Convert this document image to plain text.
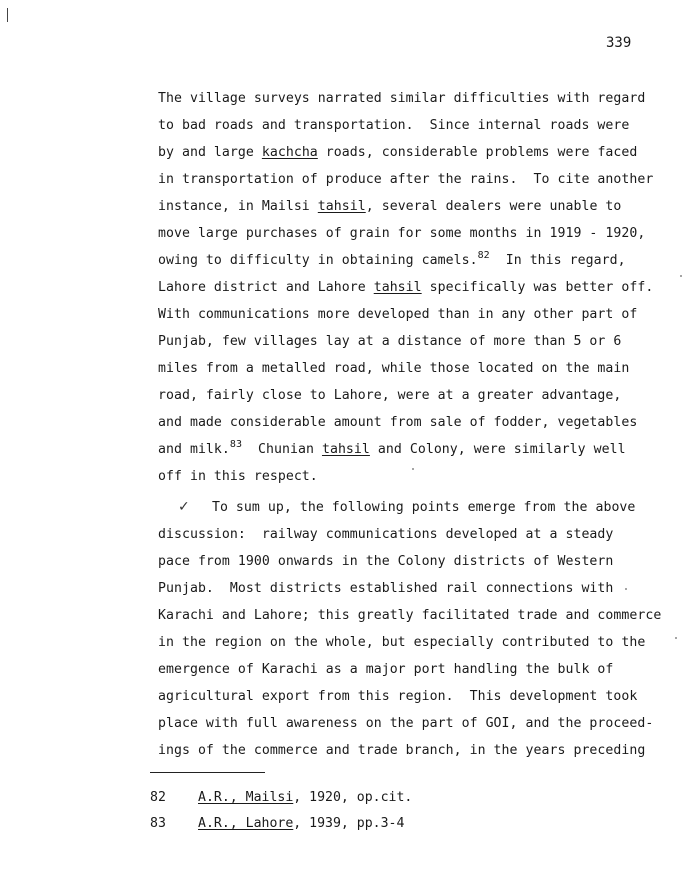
339
The village surveys narrated similar difficulties with regard
to bad roads and transportation.  Since internal roads were
by and large kachcha roads, considerable problems were faced
in transportation of produce after the rains.  To cite another
instance, in Mailsi tahsil, several dealers were unable to
move large purchases of grain for some months in 1919 - 1920,
owing to difficulty in obtaining camels.$^{82}$  In this regard,
Lahore district and Lahore tahsil specifically was better off.
With communications more developed than in any other part of
Punjab, few villages lay at a distance of more than 5 or 6
miles from a metalled road, while those located on the main
road, fairly close to Lahore, were at a greater advantage,
and made considerable amount from sale of fodder, vegetables
and milk.$^{83}$  Chunian tahsil and Colony, were similarly well
off in this respect.
✓
To sum up, the following points emerge from the above
discussion:  railway communications developed at a steady
pace from 1900 onwards in the Colony districts of Western
Punjab.  Most districts established rail connections with
Karachi and Lahore; this greatly facilitated trade and commerce
in the region on the whole, but especially contributed to the
emergence of Karachi as a major port handling the bulk of
agricultural export from this region.  This development took
place with full awareness on the part of GOI, and the proceed-
ings of the commerce and trade branch, in the years preceding
82 A.R., Mailsi, 1920, op.cit.
83 A.R., Lahore, 1939, pp.3-4
